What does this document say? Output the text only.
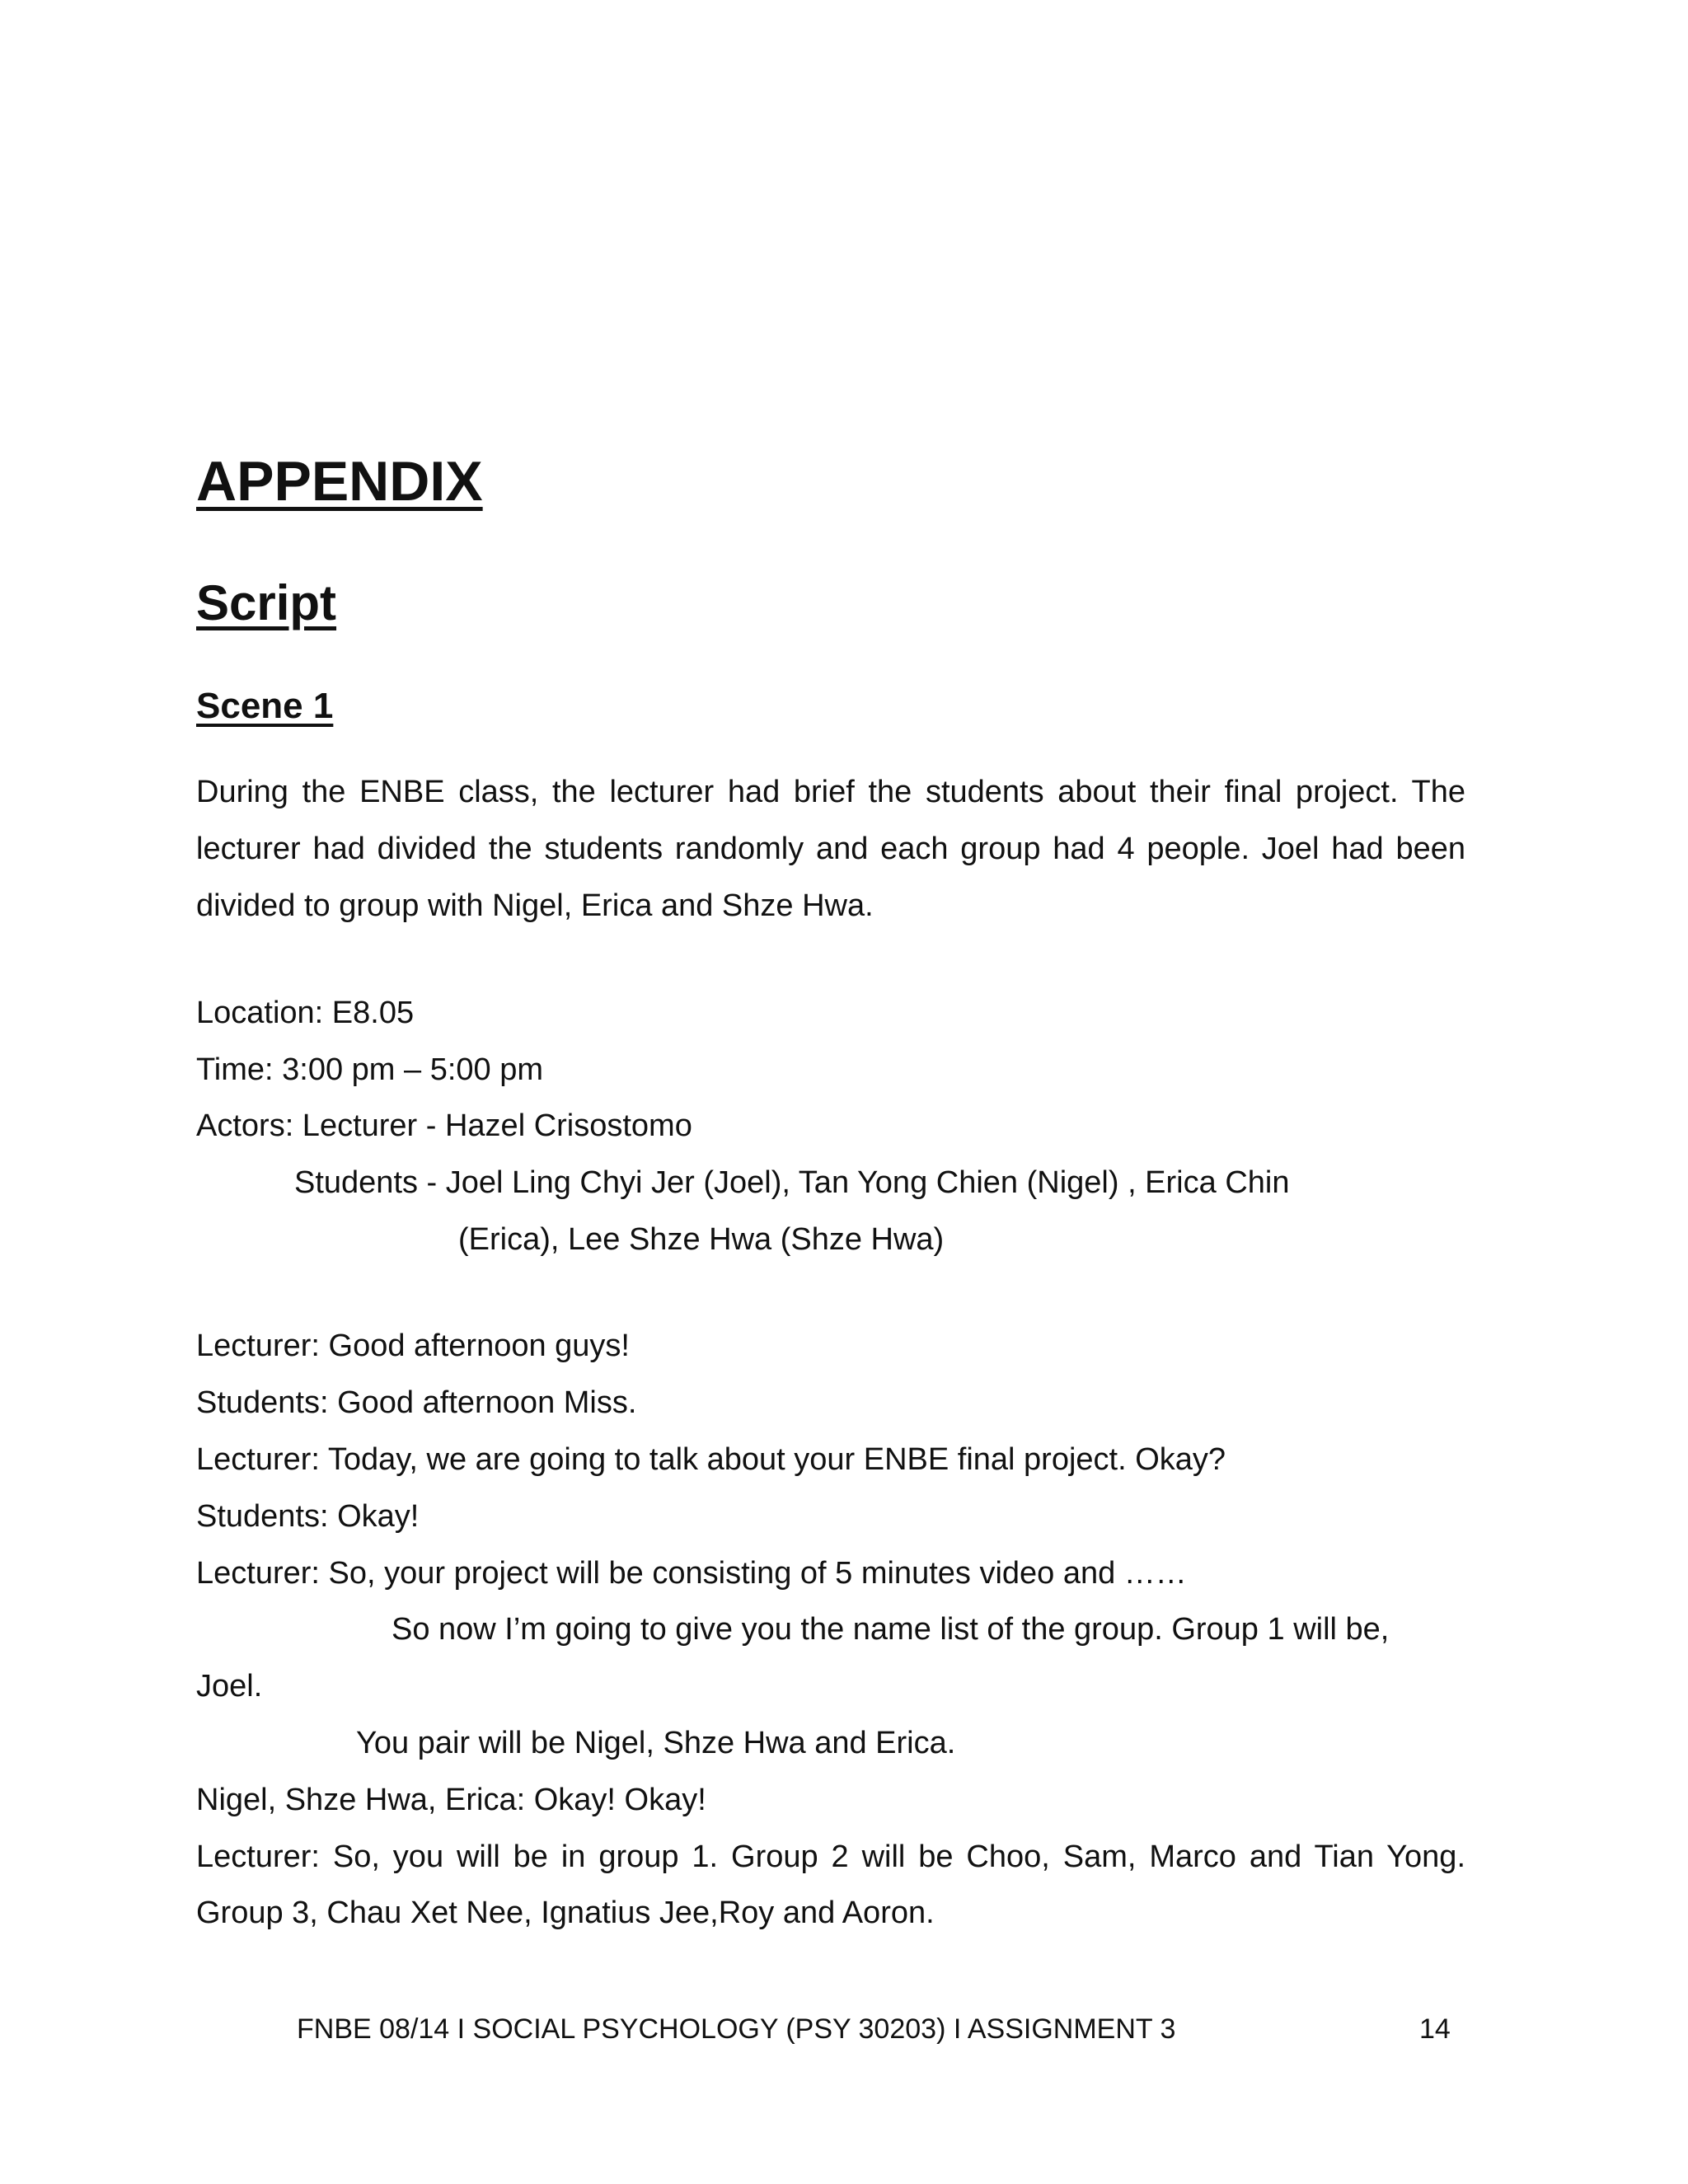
APPENDIX
Script
Scene 1
During the ENBE class, the lecturer had brief the students about their final project. The
lecturer had divided the students randomly and each group had 4 people. Joel had been
divided to group with Nigel, Erica and Shze Hwa.
Location: E8.05
Time: 3:00 pm – 5:00 pm
Actors: Lecturer - Hazel Crisostomo
Students - Joel Ling Chyi Jer (Joel), Tan Yong Chien (Nigel) , Erica Chin
(Erica), Lee Shze Hwa (Shze Hwa)
Lecturer: Good afternoon guys!
Students: Good afternoon Miss.
Lecturer: Today, we are going to talk about your ENBE final project. Okay?
Students: Okay!
Lecturer: So, your project will be consisting of 5 minutes video and ……
So now I’m going to give you the name list of the group. Group 1 will be,
Joel.
You pair will be Nigel, Shze Hwa and Erica.
Nigel, Shze Hwa, Erica: Okay! Okay!
Lecturer: So, you will be in group 1. Group 2 will be Choo, Sam, Marco and Tian Yong.
Group 3, Chau Xet Nee, Ignatius Jee,Roy and Aoron.
FNBE 08/14 I SOCIAL PSYCHOLOGY (PSY 30203) I ASSIGNMENT 3	14
